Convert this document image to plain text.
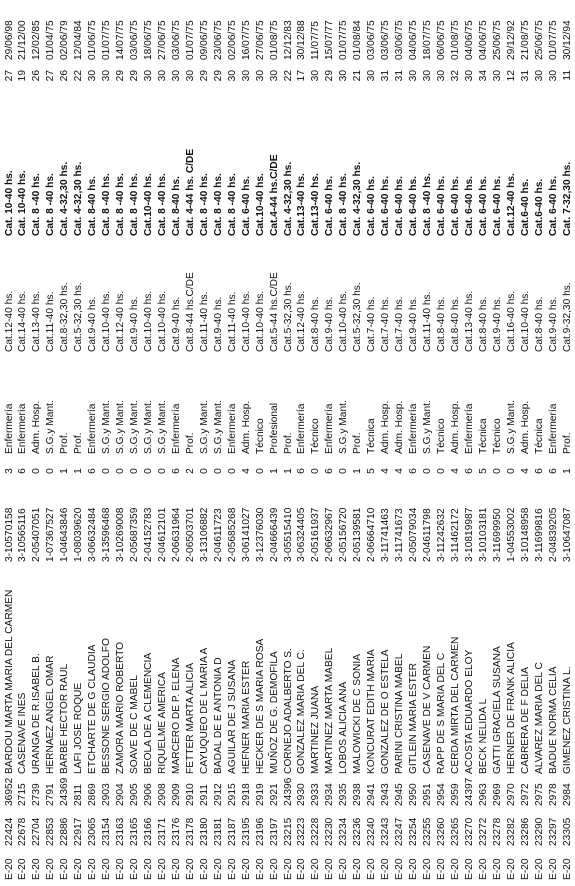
E-20
22424
36952
BARDOU MARTA MARIA DEL CARMEN
3-10570158
3
Enfermería
Cat.12-40 hs.
Cat. 10-40 hs.
27
29/06/98
E-20
22678
2715
CASENAVE INES
3-10565116
6
Enfermería
Cat.14-40 hs.
Cat. 10-40 hs.
19
21/12/00
E-20
22704
2739
URANGA DE R.ISABEL B.
2-05407051
0
Adm. Hosp.
Cat.13-40 hs.
Cat. 8 -40 hs.
26
12/02/85
E-20
22853
2791
HERNAEZ ANGEL OMAR
1-07367527
0
S.G.y Mant.
Cat.11-40 hs.
Cat. 8 -40 hs.
27
01/04/75
E-20
22886
24369
BARBE HECTOR RAUL
1-04643846
1
Prof.
Cat.8-32,30 hs.
Cat. 4-32,30 hs.
26
02/06/79
E-20
22917
2811
LAFI JOSE ROQUE
1-08039620
1
Prof.
Cat.5-32,30 hs.
Cat. 4-32,30 hs.
22
12/04/84
E-20
23065
2869
ETCHARTE DE G CLAUDIA
3-06632484
6
Enfermería
Cat.9-40 hs.
Cat. 8-40 hs.
30
01/06/75
E-20
23154
2903
BESSONE SERGIO ADOLFO
3-13596468
0
S.G.y Mant.
Cat.10-40 hs.
Cat. 8 -40 hs.
30
01/07/75
E-20
23163
2904
ZAMORA MARIO ROBERTO
3-10269008
0
S.G.y Mant.
Cat.12-40 hs.
Cat. 8 -40 hs.
29
14/07/75
E-20
23165
2905
SOAVE DE C MABEL
2-05687359
0
S.G.y Mant.
Cat.9-40 hs.
Cat. 8 -40 hs.
29
03/06/75
E-20
23166
2906
BEOLA DE A CLEMENCIA
2-04152783
0
S.G.y Mant.
Cat.10-40 hs.
Cat.10-40 hs.
30
18/06/75
E-20
23171
2908
RIQUELME AMERICA
2-04612101
0
S.G.y Mant.
Cat.10-40 hs.
Cat. 8 -40 hs.
30
27/06/75
E-20
23176
2909
MARCERO DE P. ELENA
2-06631964
6
Enfermería
Cat.9-40 hs.
Cat. 8-40 hs.
30
03/06/75
E-20
23178
2910
FETTER MARTA ALICIA
2-06503701
2
Prof.
Cat.8-44 hs.C/DE
Cat. 4-44 hs. C/DE
30
01/07/75
E-20
23180
2911
CAYUQUEO DE L MARIA A
3-13106882
0
S.G.y Mant.
Cat.11-40 hs.
Cat. 8 -40 hs.
29
09/06/75
E-20
23181
2912
BADAL DE E ANTONIA D
2-04611723
0
S.G.y Mant.
Cat.9-40 hs.
Cat. 8 -40 hs.
29
23/06/75
E-20
23187
2915
AGUILAR DE J SUSANA
2-05685268
0
Enfermería
Cat.11-40 hs.
Cat. 8 -40 hs.
30
02/06/75
E-20
23195
2918
HEFNER MARIA ESTER
3-06141027
4
Adm. Hosp.
Cat.10-40 hs.
Cat. 6-40 hs.
30
16/07/75
E-20
23196
2919
HECKER DE S MARIA ROSA
3-12376030
0
Técnico
Cat.10-40 hs.
Cat.10-40 hs.
30
27/06/75
E-20
23197
2921
MUÑOZ DE G. DEMOFILA
2-04666439
1
Profesional
Cat.5-44 hs.C/DE
Cat.4-44 hs.C/DE
30
01/08/75
E-20
23215
24396
CORNEJO ADALBERTO S.
3-05515410
1
Prof.
Cat.5-32,30 hs.
Cat. 4-32,30 hs.
22
12/12/83
E-20
23223
2930
GONZALEZ MARIA DEL C.
3-06324405
6
Enfermería
Cat.12-40 hs.
Cat.13-40 hs.
17
30/12/88
E-20
23228
2933
MARTINEZ JUANA
2-05161937
0
Técnico
Cat.8-40 hs.
Cat.13-40 hs.
30
11/07/75
E-20
23230
2934
MARTINEZ MARTA MABEL
2-06632967
6
Enfermería
Cat.9-40 hs.
Cat. 6-40 hs.
29
15/07/77
E-20
23234
2935
LOBOS ALICIA ANA
2-05156720
0
S.G.y Mant.
Cat.10-40 hs.
Cat. 8 -40 hs.
30
01/07/75
E-20
23236
2938
MALOWICKI DE C SONIA
2-05139581
1
Prof.
Cat.5-32,30 hs.
Cat. 4-32,30 hs.
21
01/08/84
E-20
23240
2941
KONCURAT EDITH MARIA
2-06664710
5
Técnica
Cat.7-40 hs.
Cat. 6-40 hs.
30
03/06/75
E-20
23243
2943
GONZALEZ DE O ESTELA
3-11741463
4
Adm. Hosp.
Cat.7-40 hs.
Cat. 6-40 hs.
31
03/06/75
E-20
23247
2945
PARINI CRISTINA MABEL
3-11741673
4
Adm. Hosp.
Cat.7-40 hs.
Cat. 6-40 hs.
31
03/06/75
E-20
23254
2950
GITLEIN MARIA ESTER
2-05079034
6
Enfermería
Cat.9-40 hs.
Cat. 6-40 hs.
30
04/06/75
E-20
23255
2951
CASENAVE DE V CARMEN
2-04611798
0
S.G.y Mant.
Cat.11-40 hs.
Cat. 8 -40 hs.
30
18/07/75
E-20
23260
2954
RAPP DE S MARIA DEL C
3-11242632
0
Técnico
Cat.8-40 hs.
Cat. 6-40 hs.
30
06/06/75
E-20
23265
2959
CERDA MIRTA DEL CARMEN
3-11462172
4
Adm. Hosp.
Cat.8-40 hs.
Cat. 6-40 hs.
32
01/08/75
E-20
23270
24397
ACOSTA EDUARDO ELOY
3-10819987
6
Enfermería
Cat.13-40 hs.
Cat. 6-40 hs.
30
04/06/75
E-20
23272
2963
BECK NELIDA L
3-10103181
5
Técnica
Cat.8-40 hs.
Cat. 6-40 hs.
34
04/06/75
E-20
23278
2969
GATTI GRACIELA SUSANA
3-11699950
0
Técnico
Cat.9-40 hs.
Cat. 6-40 hs.
30
25/06/75
E-20
23282
2970
HERNER DE FRANK ALICIA
1-04553002
0
S.G.y Mant.
Cat.16-40 hs.
Cat.12-40 hs.
12
29/12/92
E-20
23286
2972
CABRERA DE F DELIA
3-10148958
4
Adm. Hosp.
Cat.10-40 hs.
Cat.6-40 hs.
31
21/08/75
E-20
23290
2975
ALVAREZ MARIA DEL C
3-11699816
6
Técnica
Cat.8-40 hs.
Cat.6-40 hs.
30
25/06/75
E-20
23297
2978
BADUE NORMA CELIA
2-04839205
6
Enfermería
Cat.9-40 hs.
Cat. 6-40 hs.
30
01/07/75
E-20
23305
2984
GIMENEZ CRISTINA L.
3-10647087
1
Prof.
Cat.9-32,30 hs.
Cat. 7-32,30 hs.
11
30/12/94
